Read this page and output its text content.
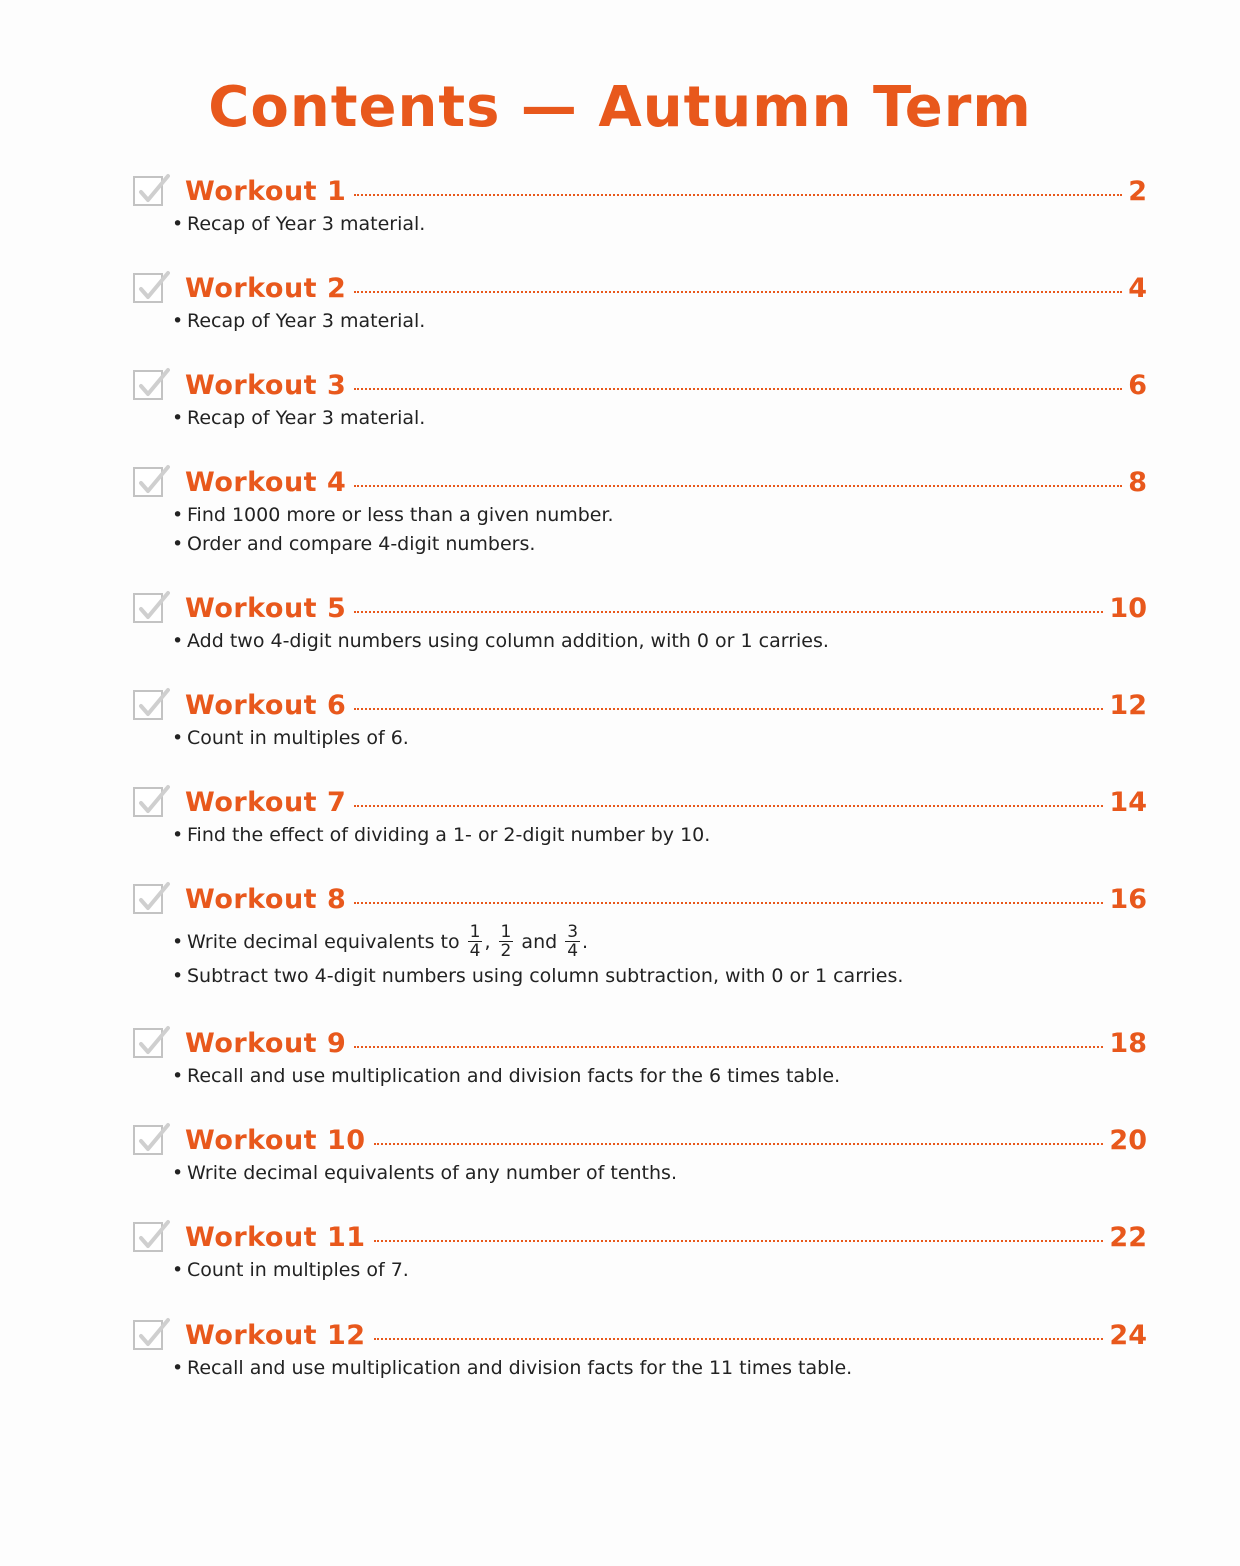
Contents — Autumn Term
Workout 1	2
• Recap of Year 3 material.
Workout 2	4
• Recap of Year 3 material.
Workout 3	6
• Recap of Year 3 material.
Workout 4	8
• Find 1000 more or less than a given number.
• Order and compare 4-digit numbers.
Workout 5	10
• Add two 4-digit numbers using column addition, with 0 or 1 carries.
Workout 6	12
• Count in multiples of 6.
Workout 7	14
• Find the effect of dividing a 1- or 2-digit number by 10.
Workout 8	16
• Write decimal equivalents to $\frac{1}{4}$ , $\frac{1}{2}$ and $\frac{3}{4}$ .
• Subtract two 4-digit numbers using column subtraction, with 0 or 1 carries.
Workout 9	18
• Recall and use multiplication and division facts for the 6 times table.
Workout 10	20
• Write decimal equivalents of any number of tenths.
Workout 11	22
• Count in multiples of 7.
Workout 12	24
• Recall and use multiplication and division facts for the 11 times table.
